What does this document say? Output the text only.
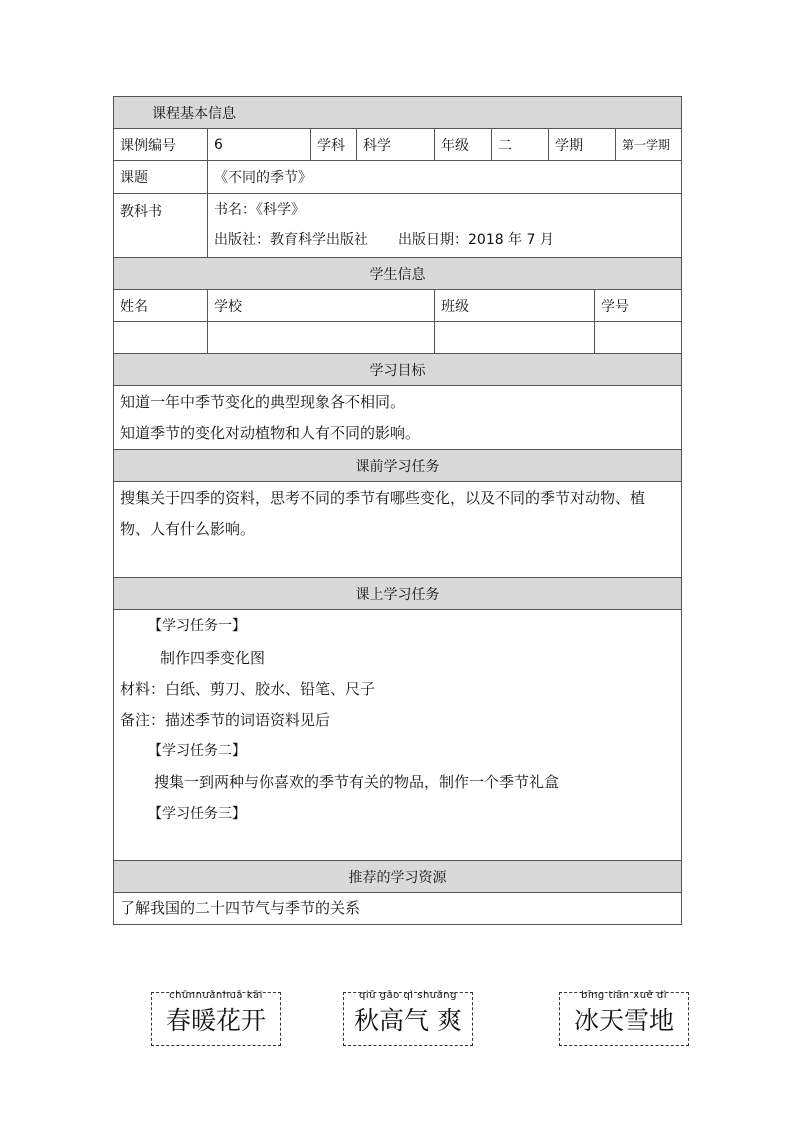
课程基本信息
课例编号	6	学科	科学	年级	二	学期	第一学期
课题	《不同的季节》
教科书	书名：《科学》
出版社：教育科学出版社 出版日期：2018 年 7 月
学生信息
姓名	学校	班级	学号
学习目标
知道一年中季节变化的典型现象各不相同。
知道季节的变化对动植物和人有不同的影响。
课前学习任务
搜集关于四季的资料，思考不同的季节有哪些变化，以及不同的季节对动物、植
物、人有什么影响。
课上学习任务
【学习任务一】
制作四季变化图
材料：白纸、剪刀、胶水、铅笔、尺子
备注：描述季节的词语资料见后
【学习任务二】
搜集一到两种与你喜欢的季节有关的物品，制作一个季节礼盒
【学习任务三】
推荐的学习资源
了解我国的二十四节气与季节的关系
chūnnuǎnhuā kāi
春暖花开
qiū gāo qì shuǎng
秋高气 爽
bīng tiān xuě dì
冰天雪地
